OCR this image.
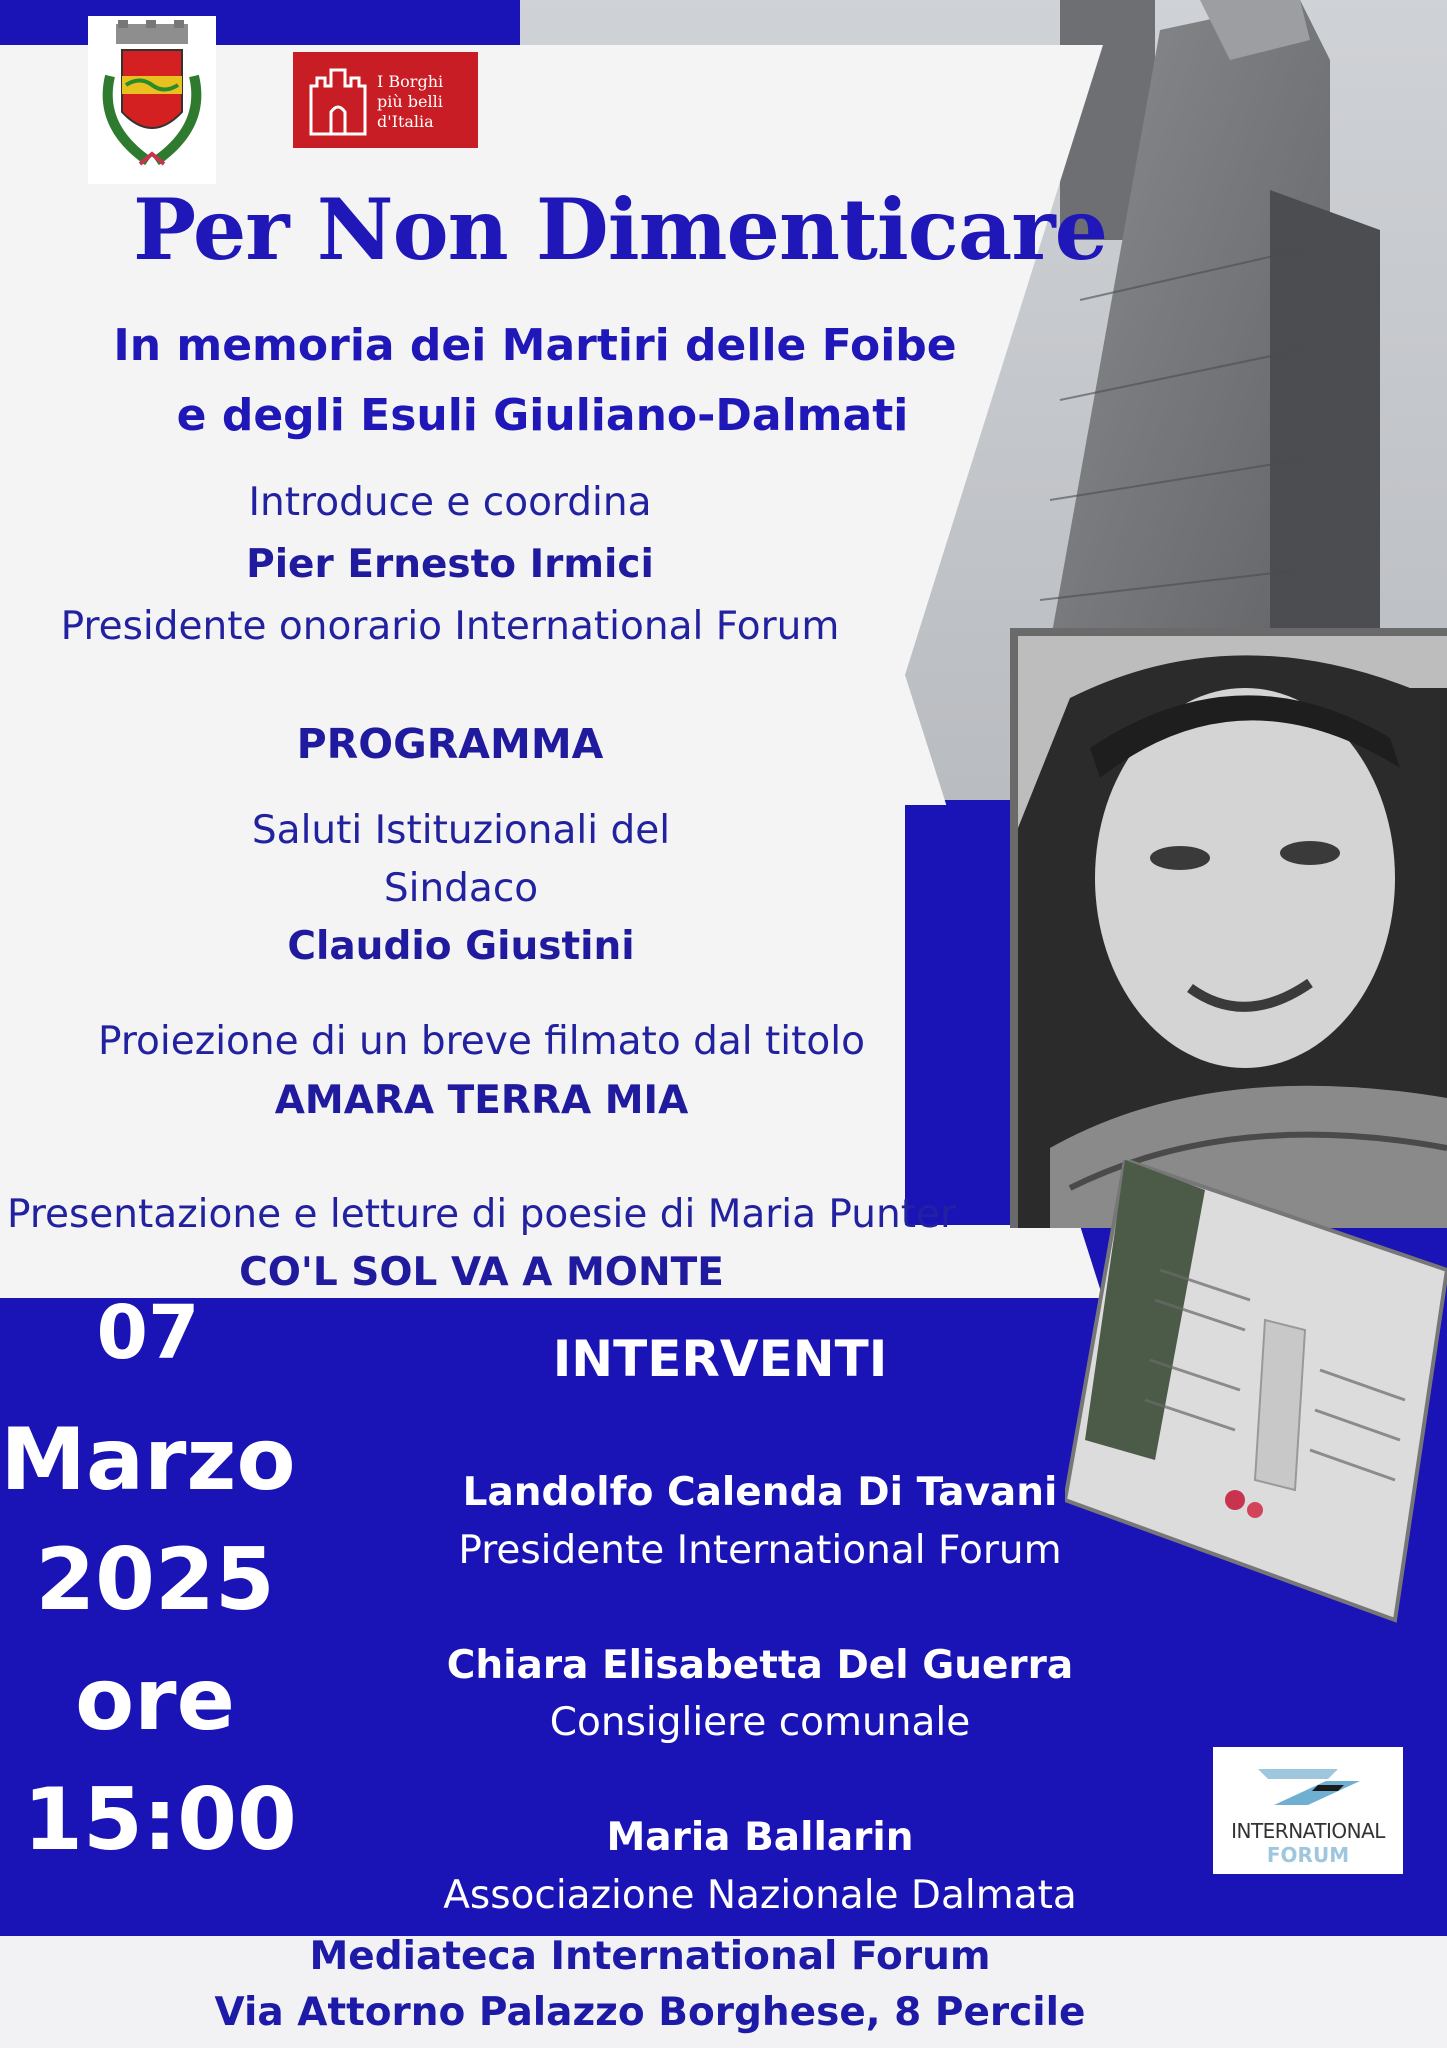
I Borghi
più belli
d'Italia
Per Non Dimenticare
In memoria dei Martiri delle Foibe
e degli Esuli Giuliano-Dalmati
Introduce e coordina
Pier Ernesto Irmici
Presidente onorario International Forum
PROGRAMMA
Saluti Istituzionali del
Sindaco
Claudio Giustini
Proiezione di un breve filmato dal titolo
AMARA TERRA MIA
Presentazione e letture di poesie di Maria Punter
CO'L SOL VA A MONTE
07
Marzo
2025
ore
15:00
INTERVENTI
Landolfo Calenda Di Tavani
Presidente International Forum
Chiara Elisabetta Del Guerra
Consigliere comunale
Maria Ballarin
Associazione Nazionale Dalmata
INTERNATIONAL
FORUM
Mediateca International Forum
Via Attorno Palazzo Borghese, 8 Percile
